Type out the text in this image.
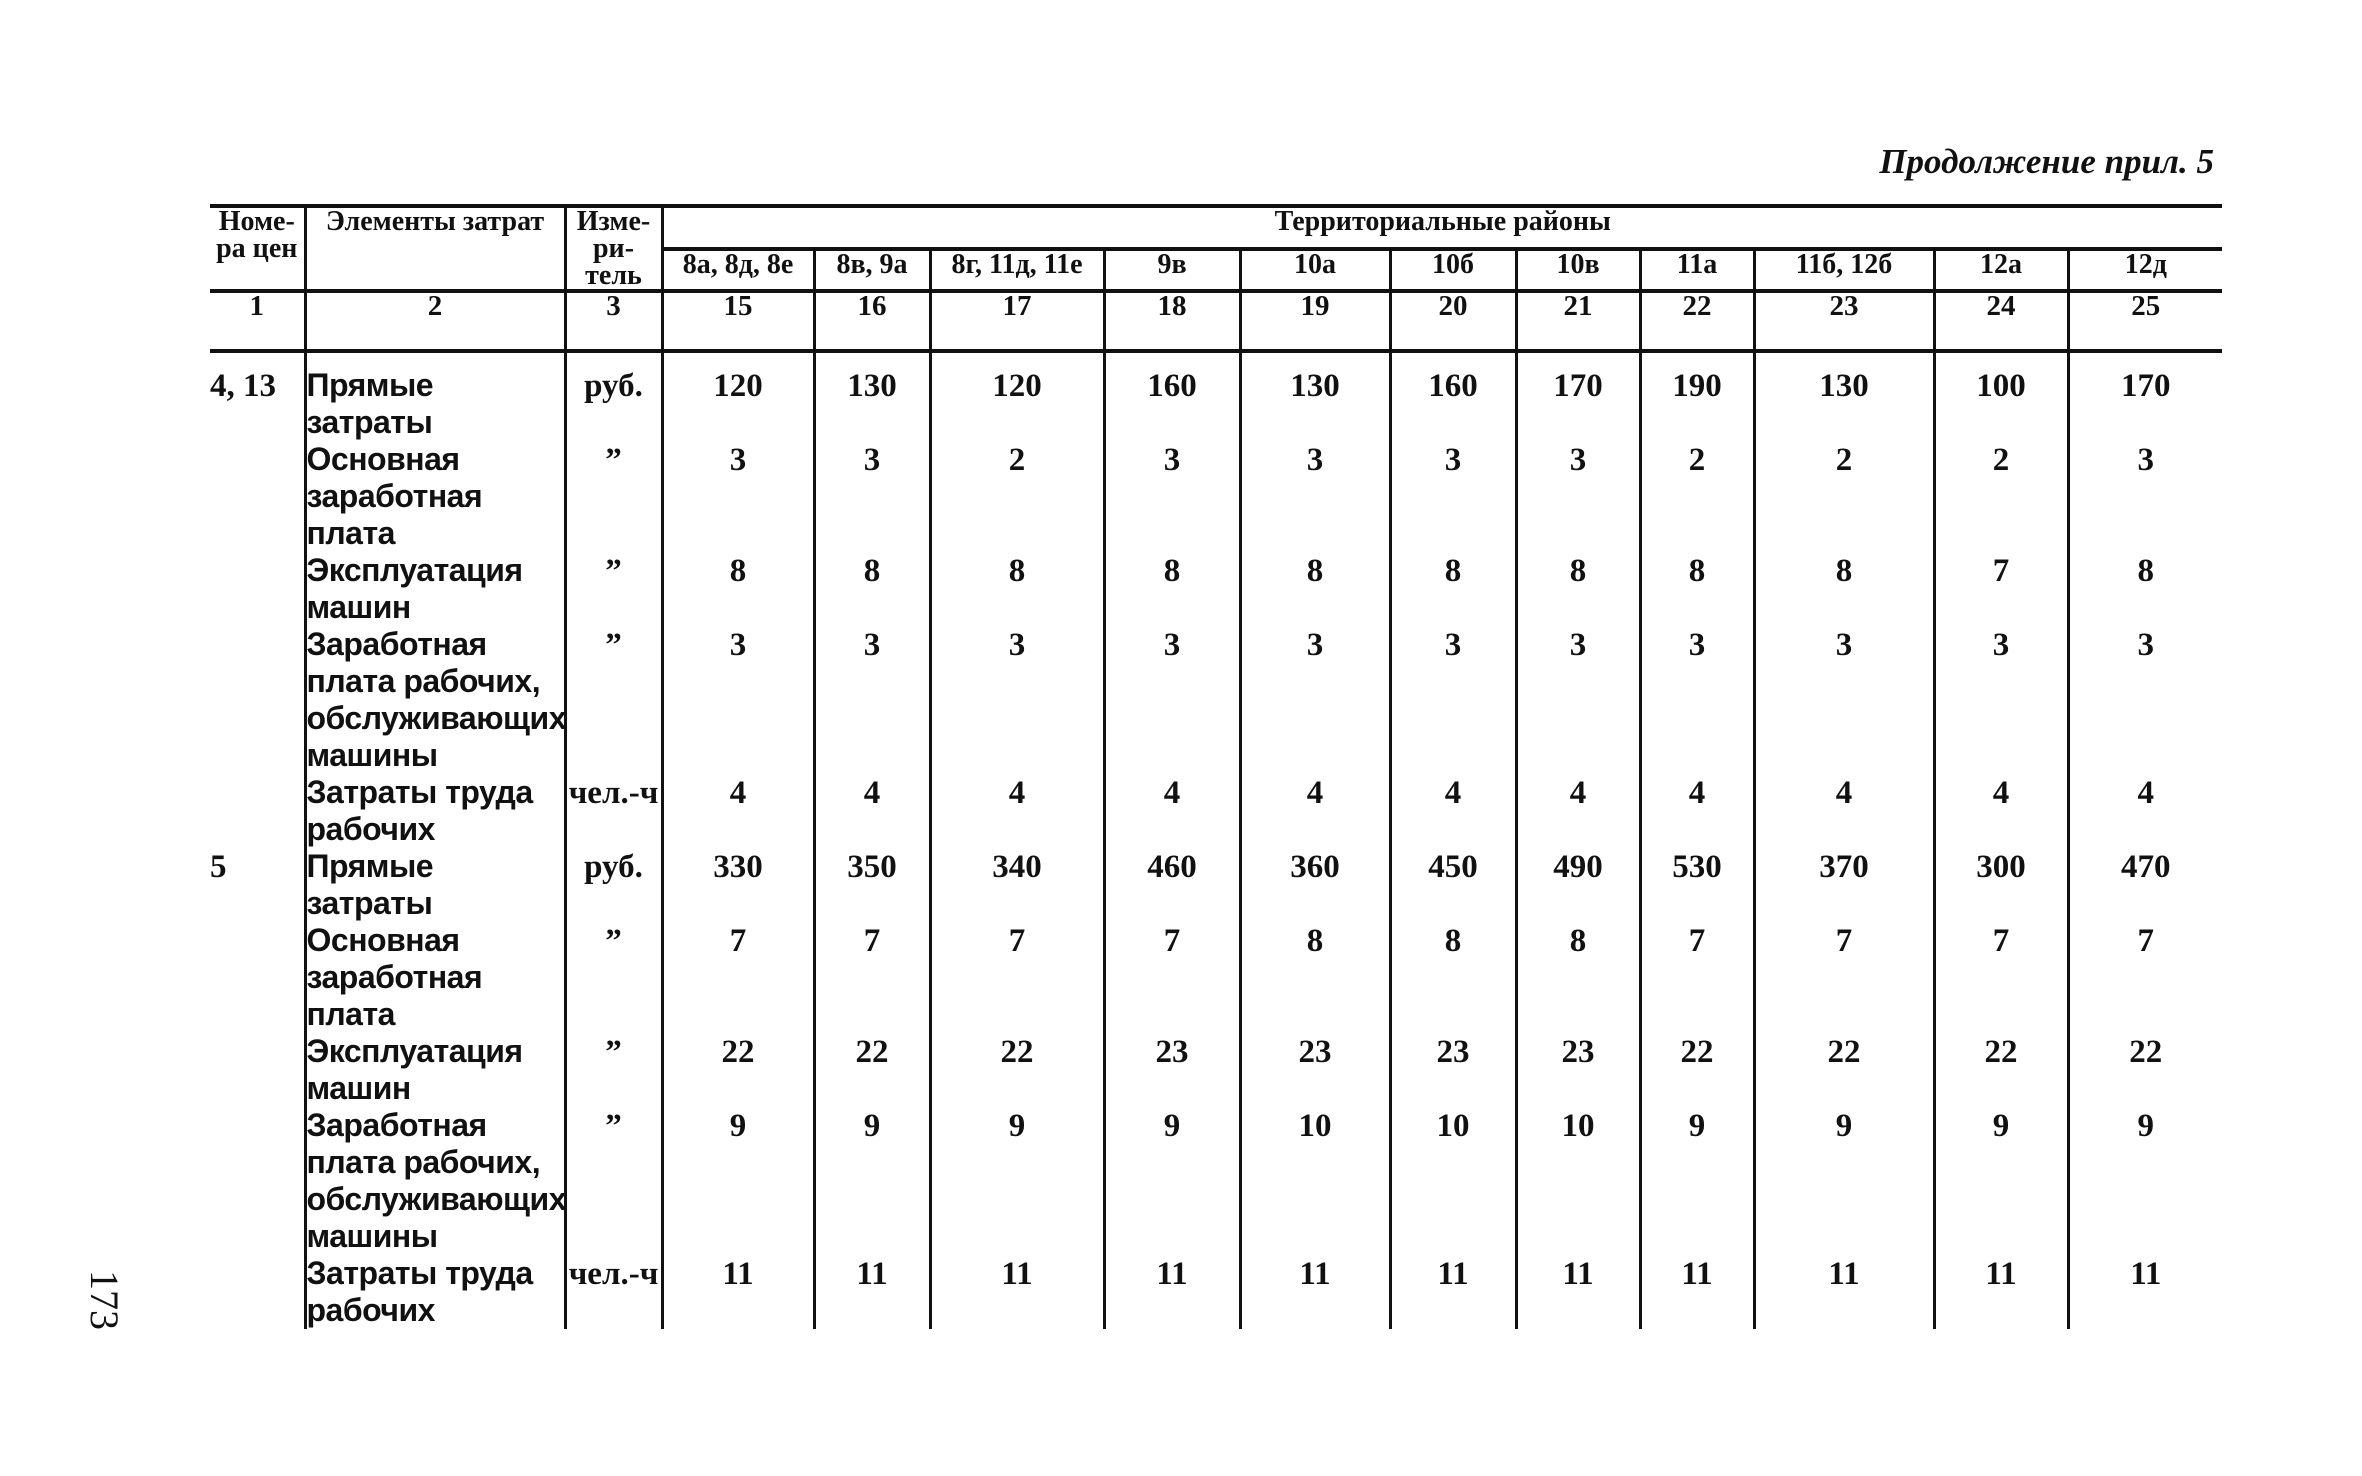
Продолжение прил. 5
Номе-ра цен	Элементы затрат	Изме-ри-тель	Территориальные районы										
			8а, 8д, 8е	8в, 9а	8г, 11д, 11е	9в	10а	10б	10в	11а	11б, 12б	12а	12д
1	2	3	15	16	17	18	19	20	21	22	23	24	25
4, 13	Прямые затраты	руб.	120	130	120	160	130	160	170	190	130	100	170
	Основная заработная плата	”	3	3	2	3	3	3	3	2	2	2	3
	Эксплуатация машин	”	8	8	8	8	8	8	8	8	8	7	8
	Заработная плата рабочих, обслуживающих машины	”	3	3	3	3	3	3	3	3	3	3	3
	Затраты труда рабочих	чел.-ч	4	4	4	4	4	4	4	4	4	4	4
5	Прямые затраты	руб.	330	350	340	460	360	450	490	530	370	300	470
	Основная заработная плата	”	7	7	7	7	8	8	8	7	7	7	7
	Эксплуатация машин	”	22	22	22	23	23	23	23	22	22	22	22
	Заработная плата рабочих, обслуживающих машины	”	9	9	9	9	10	10	10	9	9	9	9
	Затраты труда рабочих	чел.-ч	11	11	11	11	11	11	11	11	11	11	11
173
